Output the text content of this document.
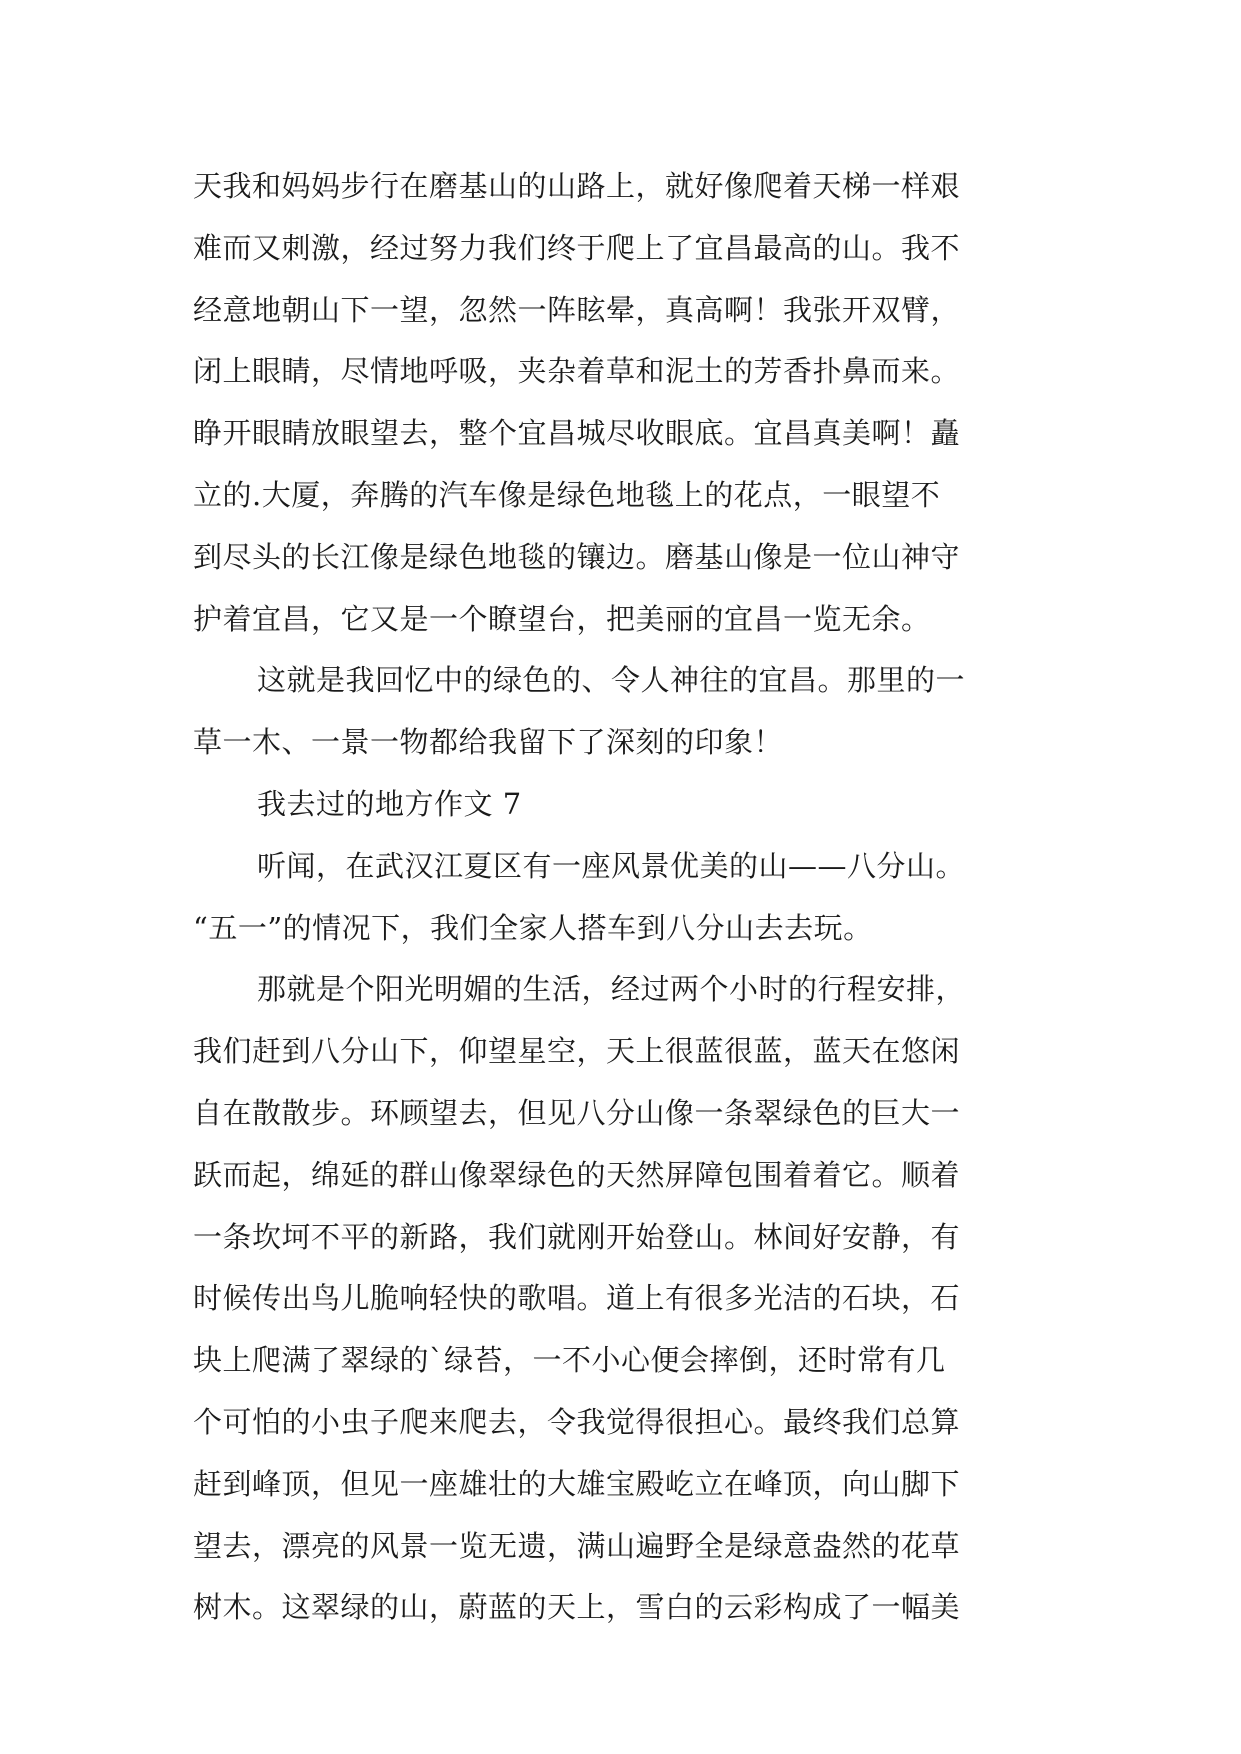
天我和妈妈步行在磨基山的山路上，就好像爬着天梯一样艰
难而又刺激，经过努力我们终于爬上了宜昌最高的山。我不
经意地朝山下一望，忽然一阵眩晕，真高啊！我张开双臂，
闭上眼睛，尽情地呼吸，夹杂着草和泥土的芳香扑鼻而来。
睁开眼睛放眼望去，整个宜昌城尽收眼底。宜昌真美啊！矗
立的.大厦，奔腾的汽车像是绿色地毯上的花点，一眼望不
到尽头的长江像是绿色地毯的镶边。磨基山像是一位山神守
护着宜昌，它又是一个瞭望台，把美丽的宜昌一览无余。
这就是我回忆中的绿色的、令人神往的宜昌。那里的一
草一木、一景一物都给我留下了深刻的印象！
我去过的地方作文 7
听闻，在武汉江夏区有一座风景优美的山——八分山。
“五一”的情况下，我们全家人搭车到八分山去去玩。
那就是个阳光明媚的生活，经过两个小时的行程安排，
我们赶到八分山下，仰望星空，天上很蓝很蓝，蓝天在悠闲
自在散散步。环顾望去，但见八分山像一条翠绿色的巨大一
跃而起，绵延的群山像翠绿色的天然屏障包围着着它。顺着
一条坎坷不平的新路，我们就刚开始登山。林间好安静，有
时候传出鸟儿脆响轻快的歌唱。道上有很多光洁的石块，石
块上爬满了翠绿的`绿苔，一不小心便会摔倒，还时常有几
个可怕的小虫子爬来爬去，令我觉得很担心。最终我们总算
赶到峰顶，但见一座雄壮的大雄宝殿屹立在峰顶，向山脚下
望去，漂亮的风景一览无遗，满山遍野全是绿意盎然的花草
树木。这翠绿的山，蔚蓝的天上，雪白的云彩构成了一幅美
